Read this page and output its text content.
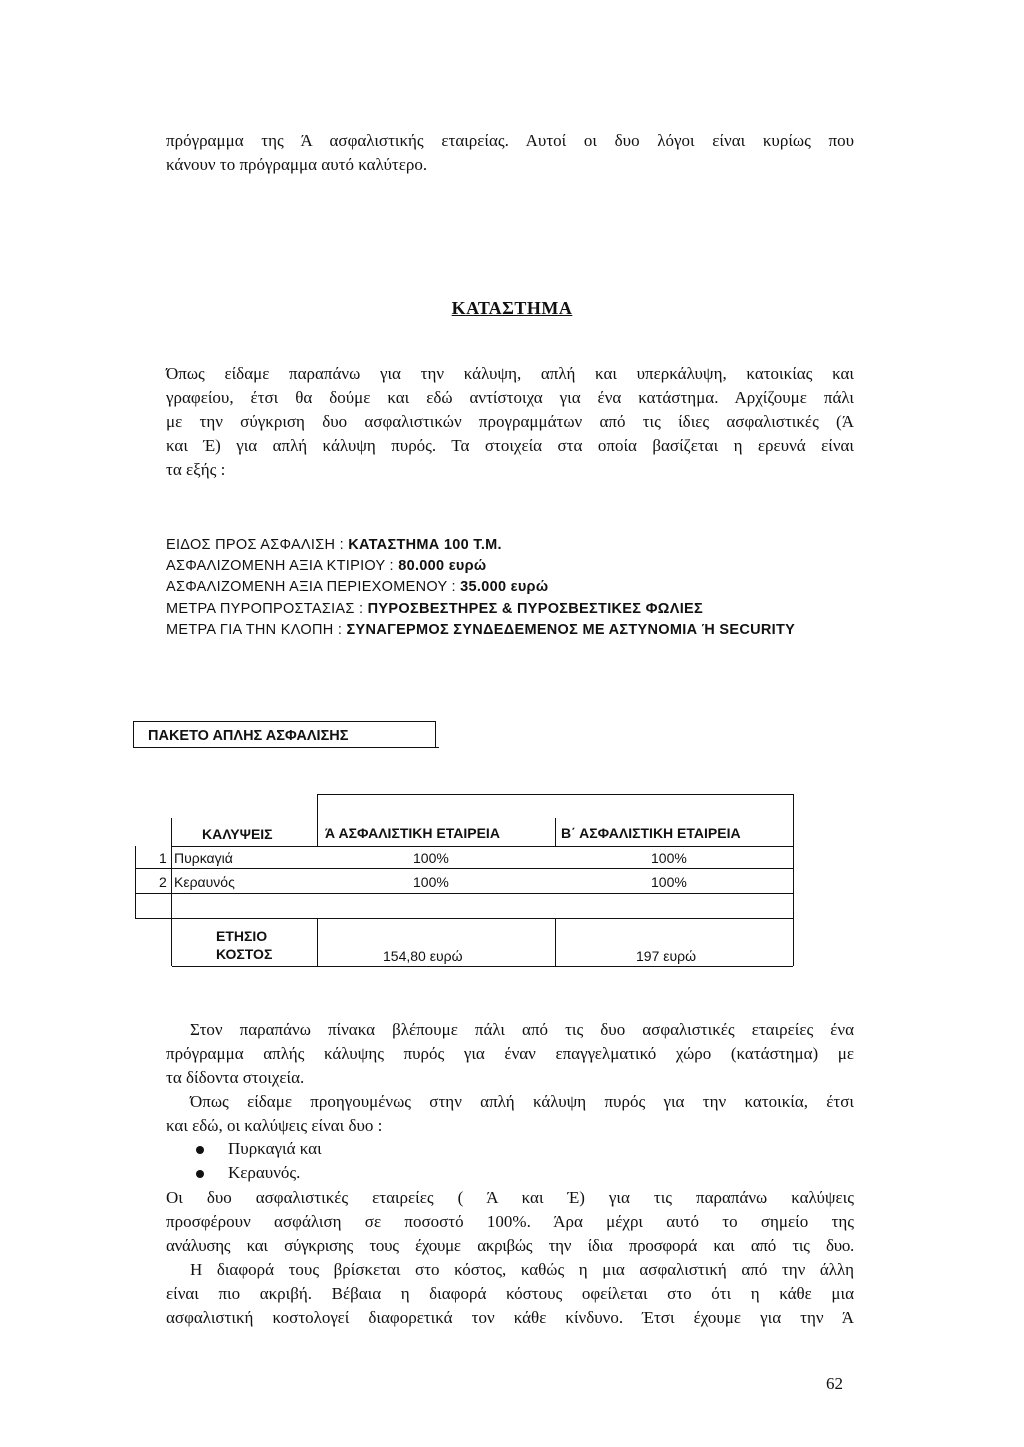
πρόγραμμα της Ά ασφαλιστικής εταιρείας. Αυτοί οι δυο λόγοι είναι κυρίως που

κάνουν το πρόγραμμα αυτό καλύτερο.

ΚΑΤΑΣΤΗΜΑ

Όπως είδαμε παραπάνω για την κάλυψη, απλή και υπερκάλυψη, κατοικίας και

γραφείου, έτσι θα δούμε και εδώ αντίστοιχα για ένα κατάστημα. Αρχίζουμε πάλι

με την σύγκριση δυο ασφαλιστικών προγραμμάτων από τις ίδιες ασφαλιστικές (Ά

και Έ) για απλή κάλυψη πυρός. Τα στοιχεία στα οποία βασίζεται η ερευνά είναι

τα εξής :

ΕΙΔΟΣ ΠΡΟΣ ΑΣΦΑΛΙΣΗ : ΚΑΤΑΣΤΗΜΑ 100 Τ.Μ.
ΑΣΦΑΛΙΖΟΜΕΝΗ ΑΞΙΑ ΚΤΙΡΙΟΥ : 80.000 ευρώ
ΑΣΦΑΛΙΖΟΜΕΝΗ ΑΞΙΑ ΠΕΡΙΕΧΟΜΕΝΟΥ : 35.000 ευρώ
ΜΕΤΡΑ ΠΥΡΟΠΡΟΣΤΑΣΙΑΣ : ΠΥΡΟΣΒΕΣΤΗΡΕΣ & ΠΥΡΟΣΒΕΣΤΙΚΕΣ ΦΩΛΙΕΣ
ΜΕΤΡΑ ΓΙΑ ΤΗΝ ΚΛΟΠΗ : ΣΥΝΑΓΕΡΜΟΣ ΣΥΝΔΕΔΕΜΕΝΟΣ ΜΕ ΑΣΤΥΝΟΜΙΑ Ή SECURITY
ΠΑΚΕΤΟ ΑΠΛΗΣ ΑΣΦΑΛΙΣΗΣ
ΚΑΛΥΨΕΙΣ	Ά ΑΣΦΑΛΙΣΤΙΚΗ ΕΤΑΙΡΕΙΑ	Β΄ ΑΣΦΑΛΙΣΤΙΚΗ ΕΤΑΙΡΕΙΑ
1 Πυρκαγιά	100%	100%
2 Κεραυνός	100%	100%
ΕΤΗΣΙΟ
ΚΟΣΤΟΣ	154,80 ευρώ	197 ευρώ

Στον παραπάνω πίνακα βλέπουμε πάλι από τις δυο ασφαλιστικές εταιρείες ένα

πρόγραμμα απλής κάλυψης πυρός για έναν επαγγελματικό χώρο (κατάστημα) με

τα δίδοντα στοιχεία.

Όπως είδαμε προηγουμένως στην απλή κάλυψη πυρός για την κατοικία, έτσι

και εδώ, οι καλύψεις είναι δυο :

Πυρκαγιά και
Κεραυνός.

Οι δυο ασφαλιστικές εταιρείες ( Ά και Έ) για τις παραπάνω καλύψεις

προσφέρουν ασφάλιση σε ποσοστό 100%. Άρα μέχρι αυτό το σημείο της

ανάλυσης και σύγκρισης τους έχουμε ακριβώς την ίδια προσφορά και από τις δυο.

Η διαφορά τους βρίσκεται στο κόστος, καθώς η μια ασφαλιστική από την άλλη

είναι πιο ακριβή. Βέβαια η διαφορά κόστους οφείλεται στο ότι η κάθε μια

ασφαλιστική κοστολογεί διαφορετικά τον κάθε κίνδυνο. Έτσι έχουμε για την Ά

62
